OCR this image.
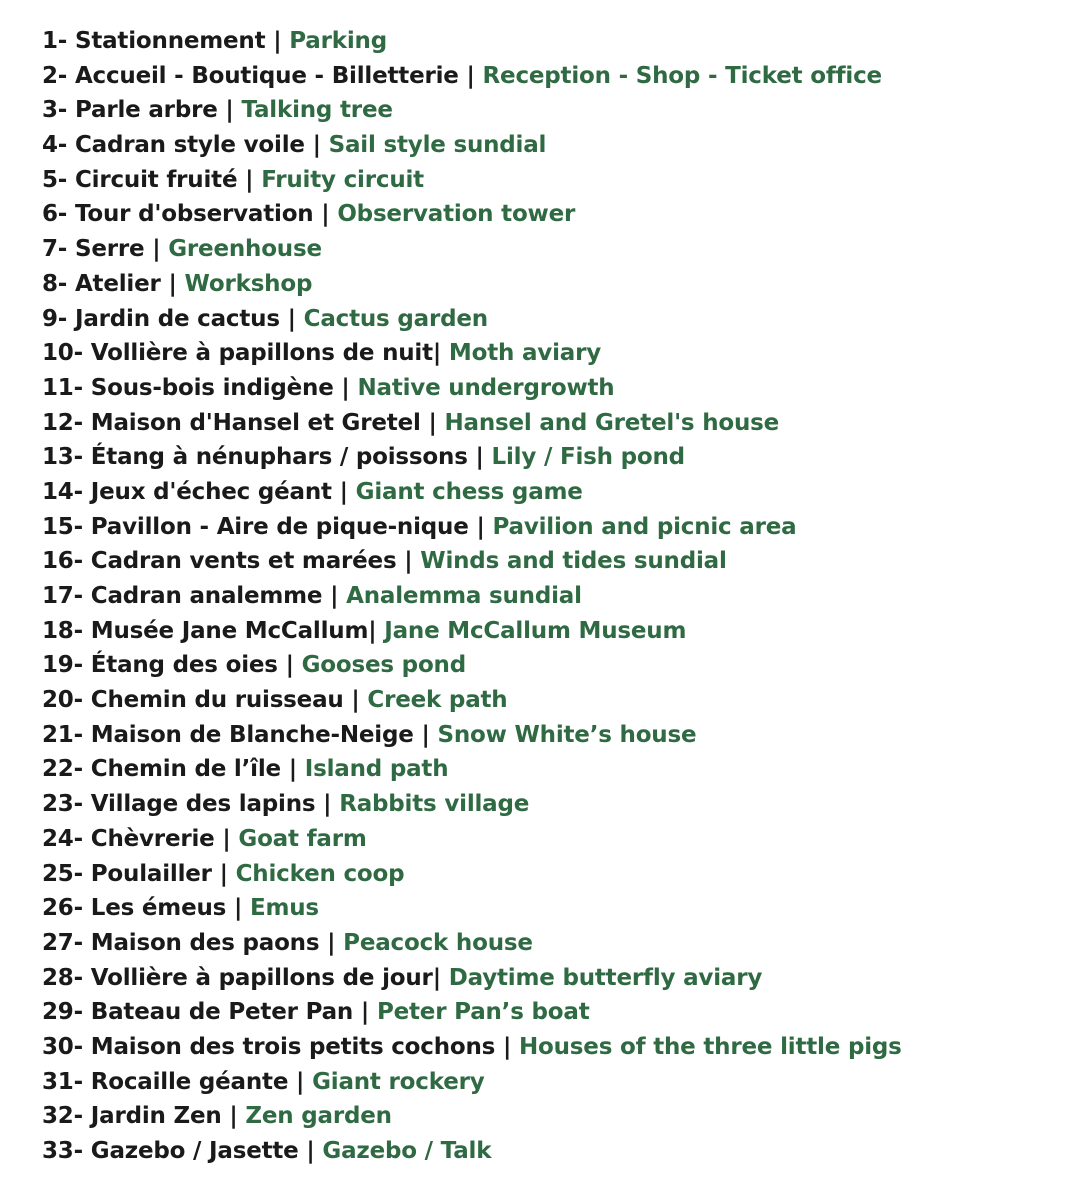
1- Stationnement | Parking
2- Accueil - Boutique - Billetterie | Reception - Shop - Ticket office
3- Parle arbre | Talking tree
4- Cadran style voile | Sail style sundial
5- Circuit fruité | Fruity circuit
6- Tour d'observation | Observation tower
7- Serre | Greenhouse
8- Atelier | Workshop
9- Jardin de cactus | Cactus garden
10- Vollière à papillons de nuit| Moth aviary
11- Sous-bois indigène | Native undergrowth
12- Maison d'Hansel et Gretel | Hansel and Gretel's house
13- Étang à nénuphars / poissons | Lily / Fish pond
14- Jeux d'échec géant | Giant chess game
15- Pavillon - Aire de pique-nique | Pavilion and picnic area
16- Cadran vents et marées | Winds and tides sundial
17- Cadran analemme | Analemma sundial
18- Musée Jane McCallum| Jane McCallum Museum
19- Étang des oies | Gooses pond
20- Chemin du ruisseau | Creek path
21- Maison de Blanche-Neige | Snow White’s house
22- Chemin de l’île | Island path
23- Village des lapins | Rabbits village
24- Chèvrerie | Goat farm
25- Poulailler | Chicken coop
26- Les émeus | Emus
27- Maison des paons | Peacock house
28- Vollière à papillons de jour| Daytime butterfly aviary
29- Bateau de Peter Pan | Peter Pan’s boat
30- Maison des trois petits cochons | Houses of the three little pigs
31- Rocaille géante | Giant rockery
32- Jardin Zen | Zen garden
33- Gazebo / Jasette | Gazebo / Talk
